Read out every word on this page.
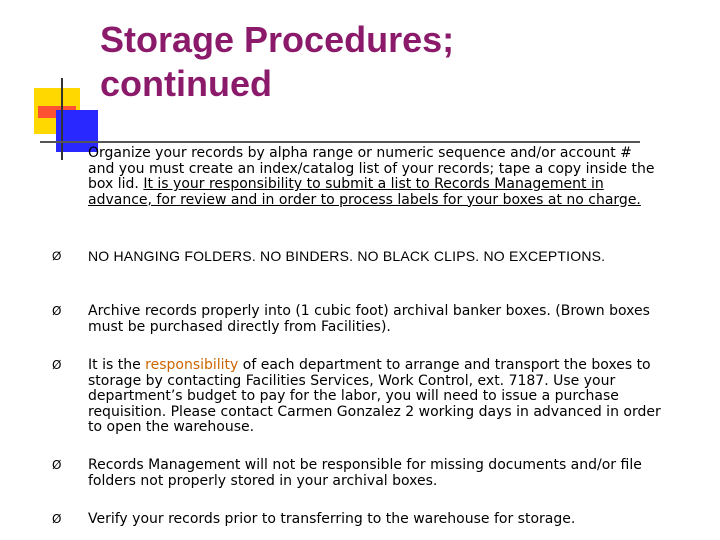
Storage Procedures;
continued
Organize your records by alpha range or numeric sequence and/or account # and you must create an index/catalog list of your records; tape a copy inside the box lid. It is your responsibility to submit a list to Records Management in advance, for review and in order to process labels for your boxes at no charge.
Ø	NO HANGING FOLDERS. NO BINDERS. NO BLACK CLIPS. NO EXCEPTIONS.
Ø	Archive records properly into (1 cubic foot) archival banker boxes. (Brown boxes must be purchased directly from Facilities).
Ø	It is the responsibility of each department to arrange and transport the boxes to storage by contacting Facilities Services, Work Control, ext. 7187. Use your department’s budget to pay for the labor, you will need to issue a purchase requisition. Please contact Carmen Gonzalez 2 working days in advanced in order to open the warehouse.
Ø	Records Management will not be responsible for missing documents and/or file folders not properly stored in your archival boxes.
Ø	Verify your records prior to transferring to the warehouse for storage.
